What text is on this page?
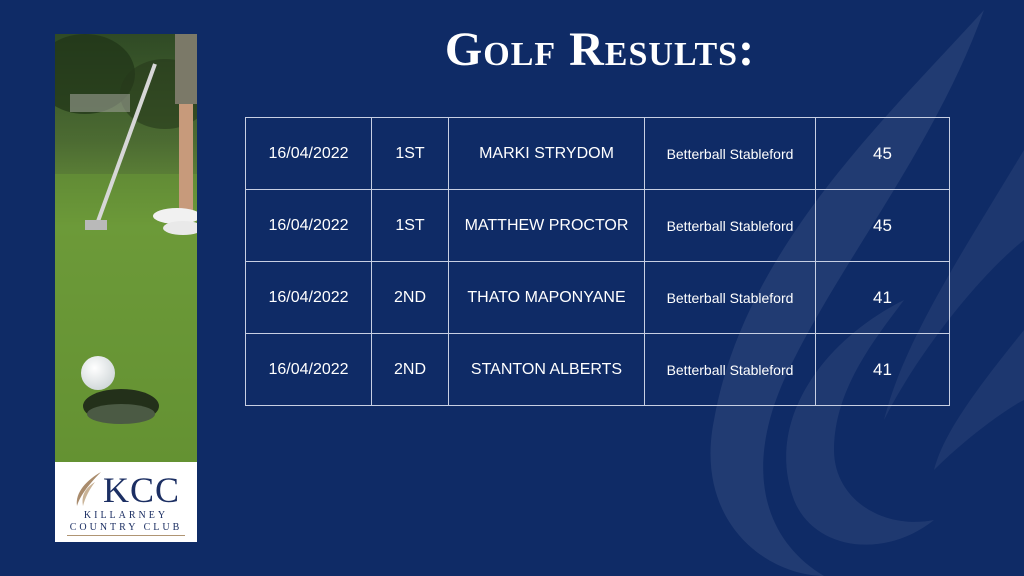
KCC
KILLARNEY
COUNTRY CLUB
Golf Results:
16/04/2022	1ST	MARKI STRYDOM	Betterball Stableford	45
16/04/2022	1ST	MATTHEW PROCTOR	Betterball Stableford	45
16/04/2022	2ND	THATO MAPONYANE	Betterball Stableford	41
16/04/2022	2ND	STANTON ALBERTS	Betterball Stableford	41
